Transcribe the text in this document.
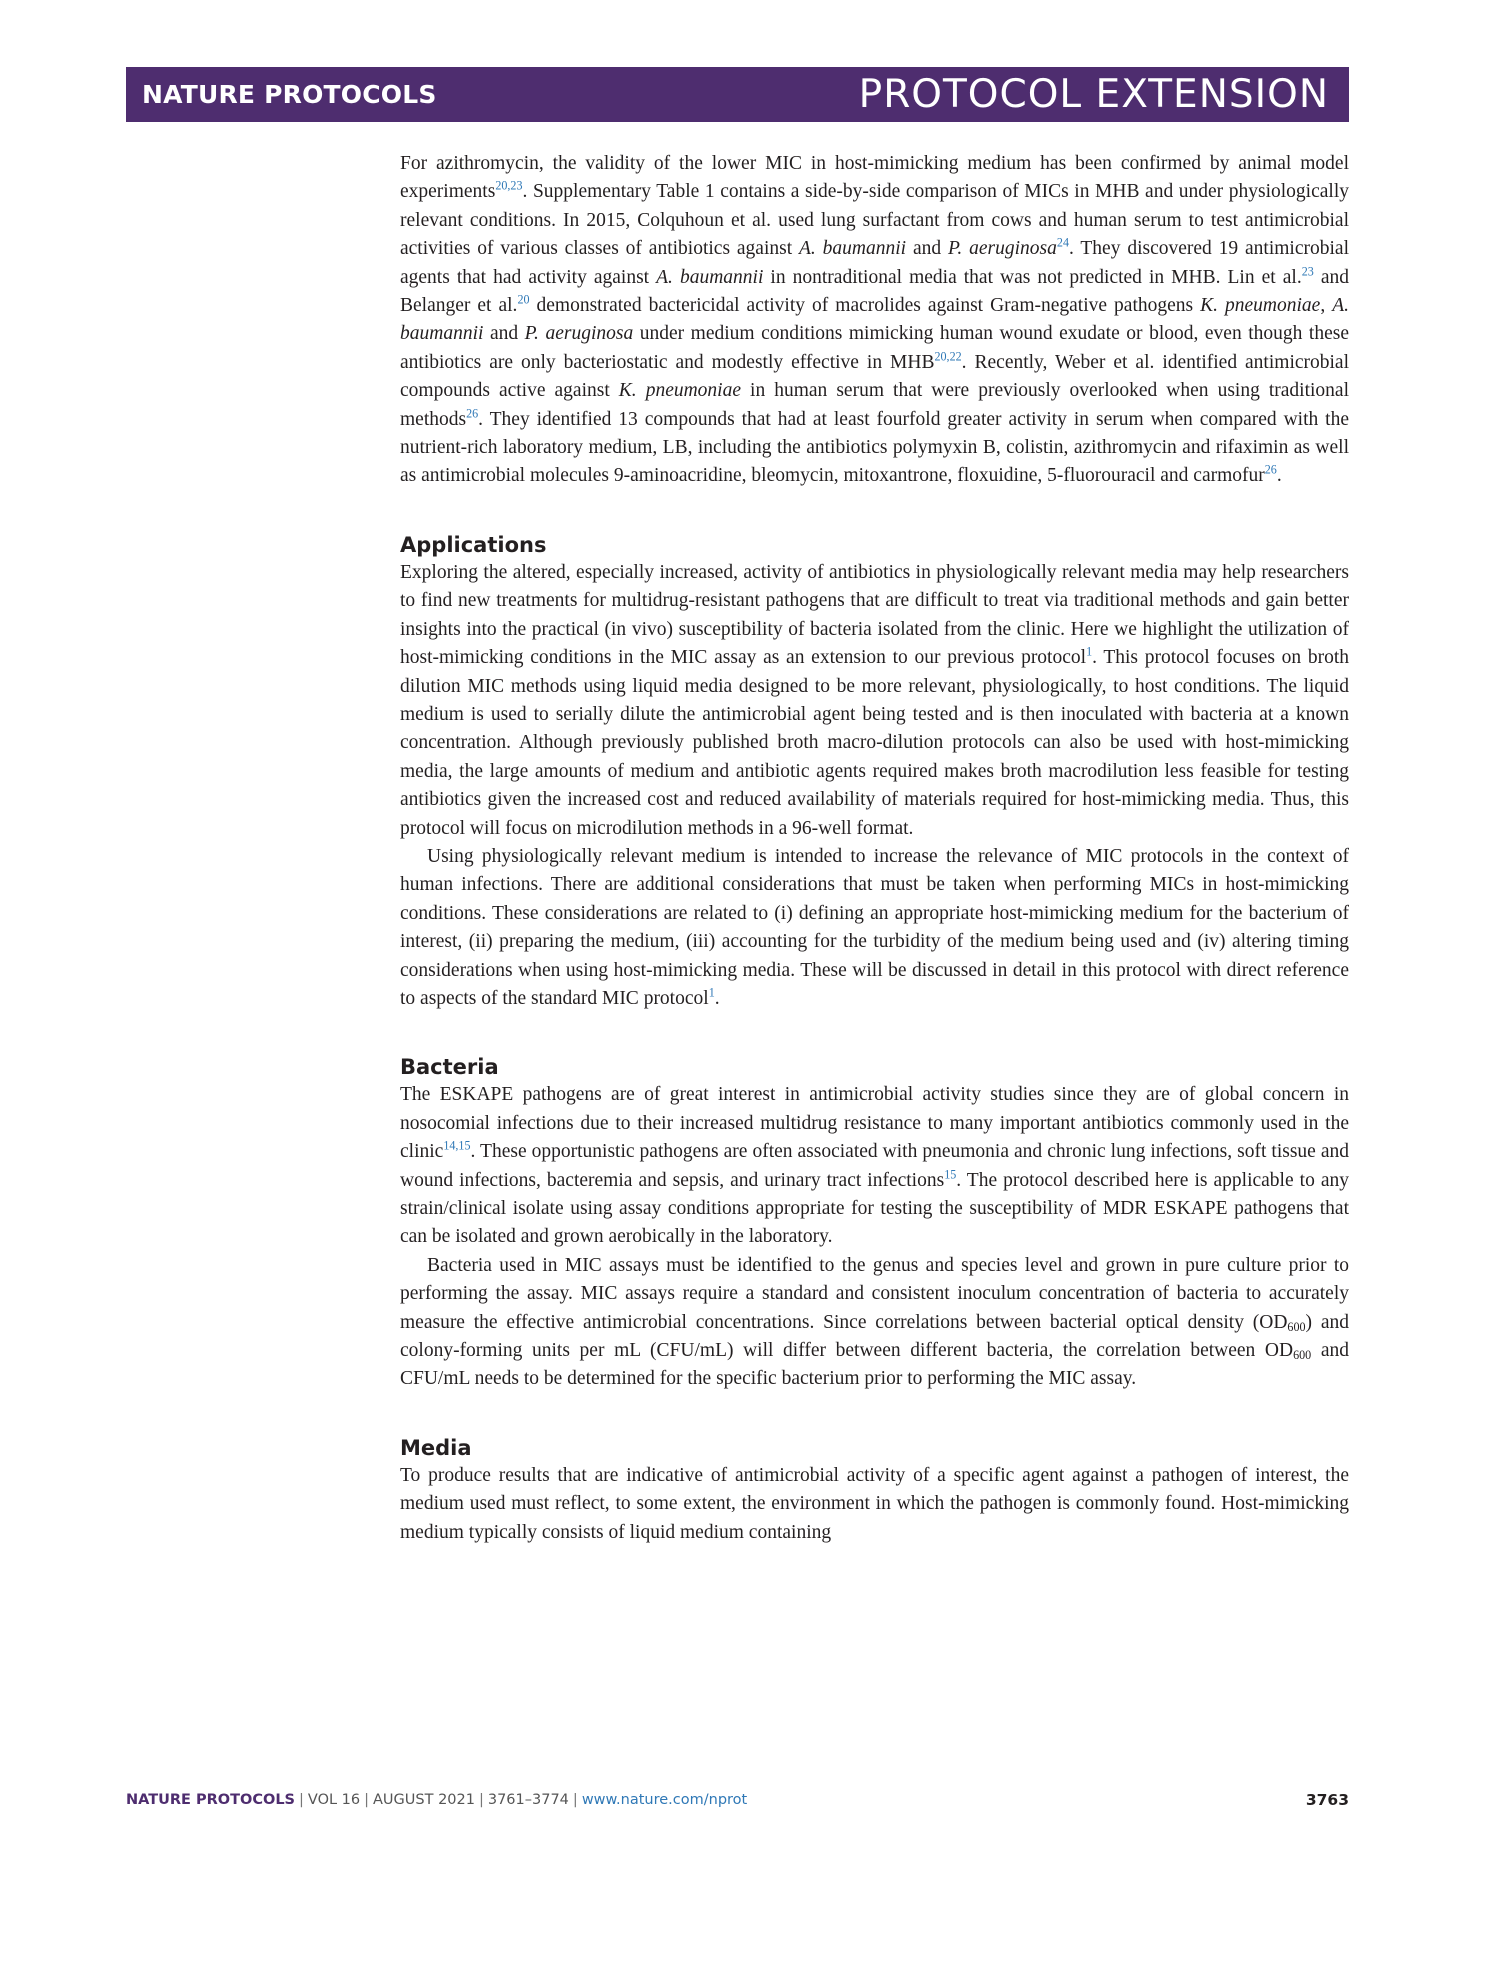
NATURE PROTOCOLS	PROTOCOL EXTENSION

For azithromycin, the validity of the lower MIC in host-mimicking medium has been confirmed by animal model experiments$^{20,23}$. Supplementary Table 1 contains a side-by-side comparison of MICs in MHB and under physiologically relevant conditions. In 2015, Colquhoun et al. used lung surfactant from cows and human serum to test antimicrobial activities of various classes of antibiotics against A. baumannii and P. aeruginosa$^{24}$. They discovered 19 antimicrobial agents that had activity against A. baumannii in nontraditional media that was not predicted in MHB. Lin et al.$^{23}$ and Belanger et al.$^{20}$ demonstrated bactericidal activity of macrolides against Gram-negative pathogens K. pneumoniae, A. baumannii and P. aeruginosa under medium conditions mimicking human wound exudate or blood, even though these antibiotics are only bacteriostatic and modestly effective in MHB$^{20,22}$. Recently, Weber et al. identified antimicrobial compounds active against K. pneumoniae in human serum that were previously overlooked when using traditional methods$^{26}$. They identified 13 compounds that had at least fourfold greater activity in serum when compared with the nutrient-rich laboratory medium, LB, including the antibiotics polymyxin B, colistin, azithromycin and rifaximin as well as antimicrobial molecules 9-aminoacridine, bleomycin, mitoxantrone, floxuidine, 5-fluorouracil and carmofur$^{26}$.

Applications

Exploring the altered, especially increased, activity of antibiotics in physiologically relevant media may help researchers to find new treatments for multidrug-resistant pathogens that are difficult to treat via traditional methods and gain better insights into the practical (in vivo) susceptibility of bacteria isolated from the clinic. Here we highlight the utilization of host-mimicking conditions in the MIC assay as an extension to our previous protocol$^1$. This protocol focuses on broth dilution MIC methods using liquid media designed to be more relevant, physiologically, to host conditions. The liquid medium is used to serially dilute the antimicrobial agent being tested and is then inoculated with bacteria at a known concentration. Although previously published broth macro-dilution protocols can also be used with host-mimicking media, the large amounts of medium and antibiotic agents required makes broth macrodilution less feasible for testing antibiotics given the increased cost and reduced availability of materials required for host-mimicking media. Thus, this protocol will focus on microdilution methods in a 96-well format.

Using physiologically relevant medium is intended to increase the relevance of MIC protocols in the context of human infections. There are additional considerations that must be taken when performing MICs in host-mimicking conditions. These considerations are related to (i) defining an appropriate host-mimicking medium for the bacterium of interest, (ii) preparing the medium, (iii) accounting for the turbidity of the medium being used and (iv) altering timing considerations when using host-mimicking media. These will be discussed in detail in this protocol with direct reference to aspects of the standard MIC protocol$^1$.

Bacteria

The ESKAPE pathogens are of great interest in antimicrobial activity studies since they are of global concern in nosocomial infections due to their increased multidrug resistance to many important antibiotics commonly used in the clinic$^{14,15}$. These opportunistic pathogens are often associated with pneumonia and chronic lung infections, soft tissue and wound infections, bacteremia and sepsis, and urinary tract infections$^{15}$. The protocol described here is applicable to any strain/clinical isolate using assay conditions appropriate for testing the susceptibility of MDR ESKAPE pathogens that can be isolated and grown aerobically in the laboratory.

Bacteria used in MIC assays must be identified to the genus and species level and grown in pure culture prior to performing the assay. MIC assays require a standard and consistent inoculum concentration of bacteria to accurately measure the effective antimicrobial concentrations. Since correlations between bacterial optical density $(OD_{600})$ and colony-forming units per mL (CFU/mL) will differ between different bacteria, the correlation between $OD_{600}$ and CFU/mL needs to be determined for the specific bacterium prior to performing the MIC assay.

Media

To produce results that are indicative of antimicrobial activity of a specific agent against a pathogen of interest, the medium used must reflect, to some extent, the environment in which the pathogen is commonly found. Host-mimicking medium typically consists of liquid medium containing

NATURE PROTOCOLS | VOL 16 | AUGUST 2021 | 3761–3774 | www.nature.com/nprot	3763
